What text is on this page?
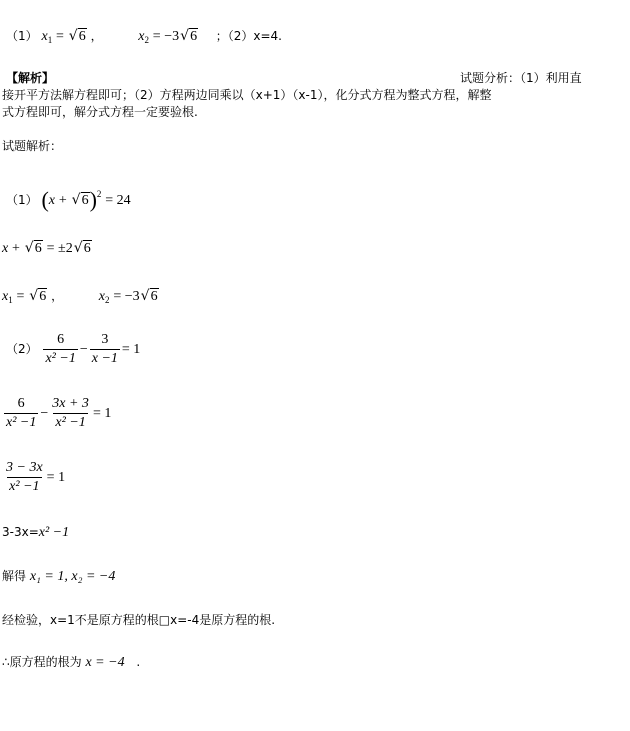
（1） $x_1$ = √ 6 ，	$x_2 = -3√$ 6 ；（2）x=4.
【解析】	试题分析：（1）利用直
接开平方法解方程即可；（2）方程两边同乘以（x+1）（x-1），化分式方程为整式方程，解整
式方程即可，解分式方程一定要验根.
试题解析：
（1） (x + √ 6)$^2$ = 24
x + √ 6 = ±2√ 6
$x_1$ = √ 6 ，	$x_2 = -3√$ 6
$(2) \frac{6}{\text{x² −1}} - \frac{3}{x -1} = 1$
$\frac{6}{\text{x² −1}} - \frac{3x + 3}{\text{x² −1}} = 1$
$\frac{3 - 3x}{\text{x² −1}} = 1$
3-3x=x² −1
解得 x₁ = 1, x₂ = −4
经检验，x=1不是原方程的根□x=-4是原方程的根.
∴原方程的根为 x = −4 .
